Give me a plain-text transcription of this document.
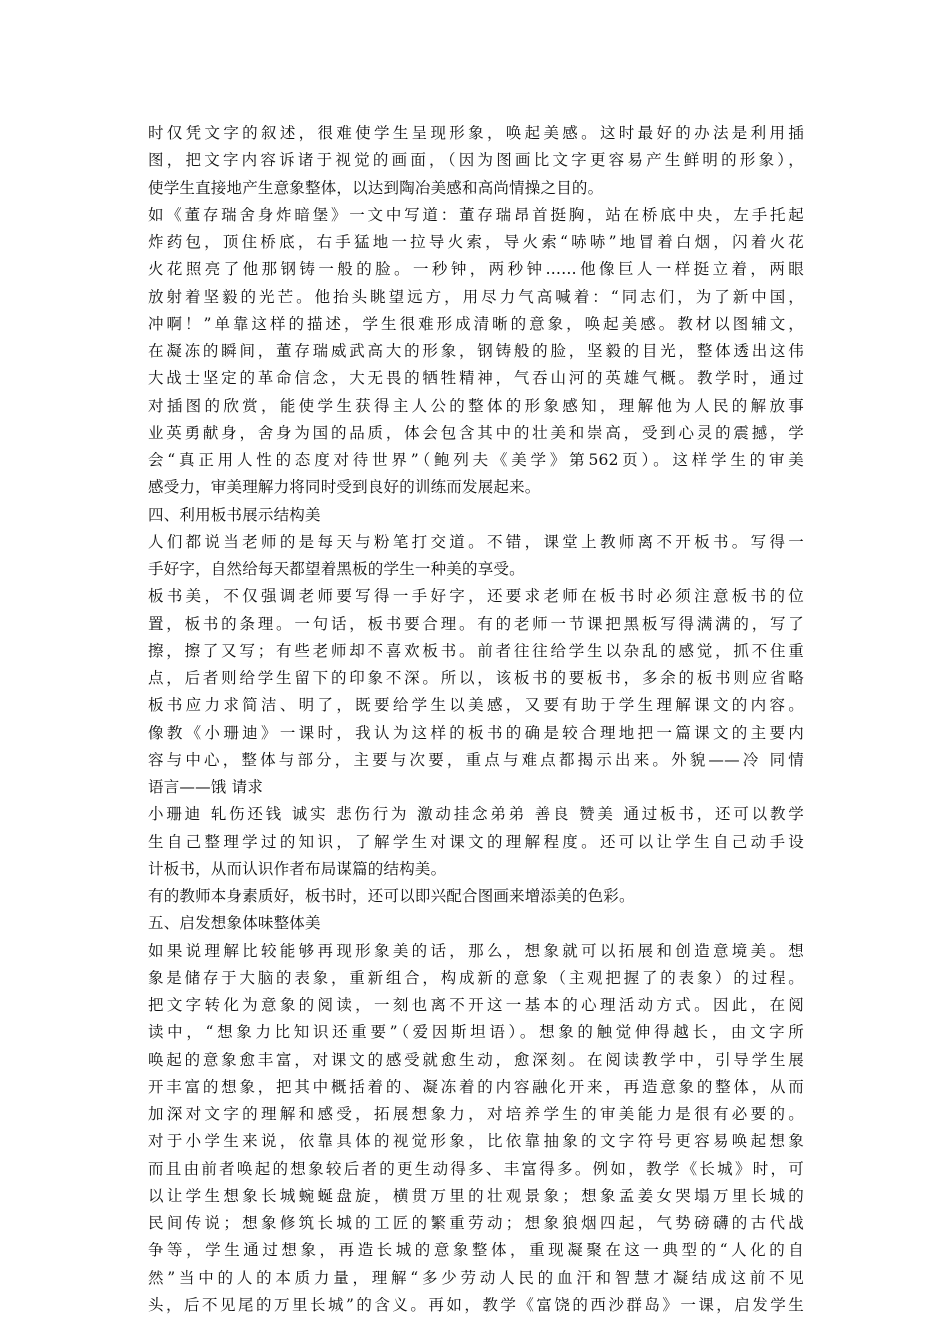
时仅凭文字的叙述，很难使学生呈现形象，唤起美感。这时最好的办法是利用插
图，把文字内容诉诸于视觉的画面，（因为图画比文字更容易产生鲜明的形象），
使学生直接地产生意象整体，以达到陶冶美感和高尚情操之目的。
如《董存瑞舍身炸暗堡》一文中写道：董存瑞昂首挺胸，站在桥底中央，左手托起
炸药包，顶住桥底，右手猛地一拉导火索，导火索“哧哧”地冒着白烟，闪着火花
火花照亮了他那钢铸一般的脸。一秒钟，两秒钟……他像巨人一样挺立着，两眼
放射着坚毅的光芒。他抬头眺望远方，用尽力气高喊着：“同志们，为了新中国，
冲啊！”单靠这样的描述，学生很难形成清晰的意象，唤起美感。教材以图辅文，
在凝冻的瞬间，董存瑞威武高大的形象，钢铸般的脸，坚毅的目光，整体透出这伟
大战士坚定的革命信念，大无畏的牺牲精神，气吞山河的英雄气概。教学时，通过
对插图的欣赏，能使学生获得主人公的整体的形象感知，理解他为人民的解放事
业英勇献身，舍身为国的品质，体会包含其中的壮美和崇高，受到心灵的震撼，学
会“真正用人性的态度对待世界”（鲍列夫《美学》第562页）。这样学生的审美
感受力，审美理解力将同时受到良好的训练而发展起来。
四、利用板书展示结构美
人们都说当老师的是每天与粉笔打交道。不错，课堂上教师离不开板书。写得一
手好字，自然给每天都望着黑板的学生一种美的享受。
板书美，不仅强调老师要写得一手好字，还要求老师在板书时必须注意板书的位
置，板书的条理。一句话，板书要合理。有的老师一节课把黑板写得满满的，写了
擦，擦了又写；有些老师却不喜欢板书。前者往往给学生以杂乱的感觉，抓不住重
点，后者则给学生留下的印象不深。所以，该板书的要板书，多余的板书则应省略
板书应力求简洁、明了，既要给学生以美感，又要有助于学生理解课文的内容。
像教《小珊迪》一课时，我认为这样的板书的确是较合理地把一篇课文的主要内
容与中心，整体与部分，主要与次要，重点与难点都揭示出来。外貌——冷 同情
语言——饿 请求
小珊迪 轧伤还钱 诚实 悲伤行为 激动挂念弟弟 善良 赞美 通过板书，还可以教学
生自己整理学过的知识，了解学生对课文的理解程度。还可以让学生自己动手设
计板书，从而认识作者布局谋篇的结构美。
有的教师本身素质好，板书时，还可以即兴配合图画来增添美的色彩。
五、启发想象体味整体美
如果说理解比较能够再现形象美的话，那么，想象就可以拓展和创造意境美。想
象是储存于大脑的表象，重新组合，构成新的意象（主观把握了的表象）的过程。
把文字转化为意象的阅读，一刻也离不开这一基本的心理活动方式。因此，在阅
读中，“想象力比知识还重要”（爱因斯坦语）。想象的触觉伸得越长，由文字所
唤起的意象愈丰富，对课文的感受就愈生动，愈深刻。在阅读教学中，引导学生展
开丰富的想象，把其中概括着的、凝冻着的内容融化开来，再造意象的整体，从而
加深对文字的理解和感受，拓展想象力，对培养学生的审美能力是很有必要的。
对于小学生来说，依靠具体的视觉形象，比依靠抽象的文字符号更容易唤起想象
而且由前者唤起的想象较后者的更生动得多、丰富得多。例如，教学《长城》时，可
以让学生想象长城蜿蜒盘旋，横贯万里的壮观景象；想象孟姜女哭塌万里长城的
民间传说；想象修筑长城的工匠的繁重劳动；想象狼烟四起，气势磅礴的古代战
争等，学生通过想象，再造长城的意象整体，重现凝聚在这一典型的“人化的自
然”当中的人的本质力量，理解“多少劳动人民的血汗和智慧才凝结成这前不见
头，后不见尾的万里长城”的含义。再如，教学《富饶的西沙群岛》一课，启发学生
